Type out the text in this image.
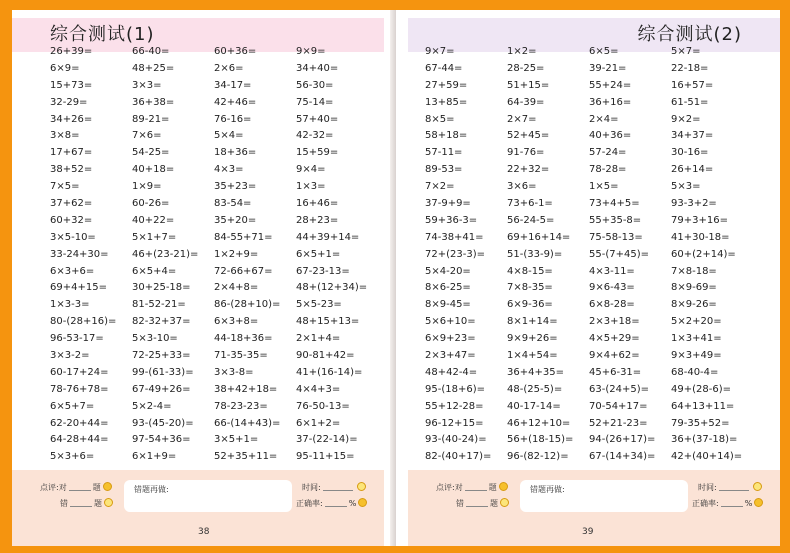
综合测试(1)
26+39=	66-40=	60+36=	9×9=
6×9=	48+25=	2×6=	34+40=
15+73=	3×3=	34-17=	56-30=
32-29=	36+38=	42+46=	75-14=
34+26=	89-21=	76-16=	57+40=
3×8=	7×6=	5×4=	42-32=
17+67=	54-25=	18+36=	15+59=
38+52=	40+18=	4×3=	9×4=
7×5=	1×9=	35+23=	1×3=
37+62=	60-26=	83-54=	16+46=
60+32=	40+22=	35+20=	28+23=
3×5-10=	5×1+7=	84-55+71=	44+39+14=
33-24+30=	46+(23-21)=	1×2+9=	6×5+1=
6×3+6=	6×5+4=	72-66+67=	67-23-13=
69+4+15=	30+25-18=	2×4+8=	48+(12+34)=
1×3-3=	81-52-21=	86-(28+10)=	5×5-23=
80-(28+16)=	82-32+37=	6×3+8=	48+15+13=
96-53-17=	5×3-10=	44-18+36=	2×1+4=
3×3-2=	72-25+33=	71-35-35=	90-81+42=
60-17+24=	99-(61-33)=	3×3-8=	41+(16-14)=
78-76+78=	67-49+26=	38+42+18=	4×4+3=
6×5+7=	5×2-4=	78-23-23=	76-50-13=
62-20+44=	93-(45-20)=	66-(14+43)=	6×1+2=
64-28+44=	97-54+36=	3×5+1=	37-(22-14)=
5×3+6=	6×1+9=	52+35+11=	95-11+15=
点评:对	题
错	题
错题再做:	时间:
正确率:	%
38
综合测试(2)
9×7=	1×2=	6×5=	5×7=
67-44=	28-25=	39-21=	22-18=
27+59=	51+15=	55+24=	16+57=
13+85=	64-39=	36+16=	61-51=
8×5=	2×7=	2×4=	9×2=
58+18=	52+45=	40+36=	34+37=
57-11=	91-76=	57-24=	30-16=
89-53=	22+32=	78-28=	26+14=
7×2=	3×6=	1×5=	5×3=
37-9+9=	73+6-1=	73+4+5=	93-3+2=
59+36-3=	56-24-5=	55+35-8=	79+3+16=
74-38+41=	69+16+14=	75-58-13=	41+30-18=
72+(23-3)=	51-(33-9)=	55-(7+45)=	60+(2+14)=
5×4-20=	4×8-15=	4×3-11=	7×8-18=
8×6-25=	7×8-35=	9×6-43=	8×9-69=
8×9-45=	6×9-36=	6×8-28=	8×9-26=
5×6+10=	8×1+14=	2×3+18=	5×2+20=
6×9+23=	9×9+26=	4×5+29=	1×3+41=
2×3+47=	1×4+54=	9×4+62=	9×3+49=
48+42-4=	36+4+35=	45+6-31=	68-40-4=
95-(18+6)=	48-(25-5)=	63-(24+5)=	49+(28-6)=
55+12-28=	40-17-14=	70-54+17=	64+13+11=
96-12+15=	46+12+10=	52+21-23=	79-35+52=
93-(40-24)=	56+(18-15)=	94-(26+17)=	36+(37-18)=
82-(40+17)=	96-(82-12)=	67-(14+34)=	42+(40+14)=
点评:对	题
错	题
错题再做:	时间:
正确率:	%
39
